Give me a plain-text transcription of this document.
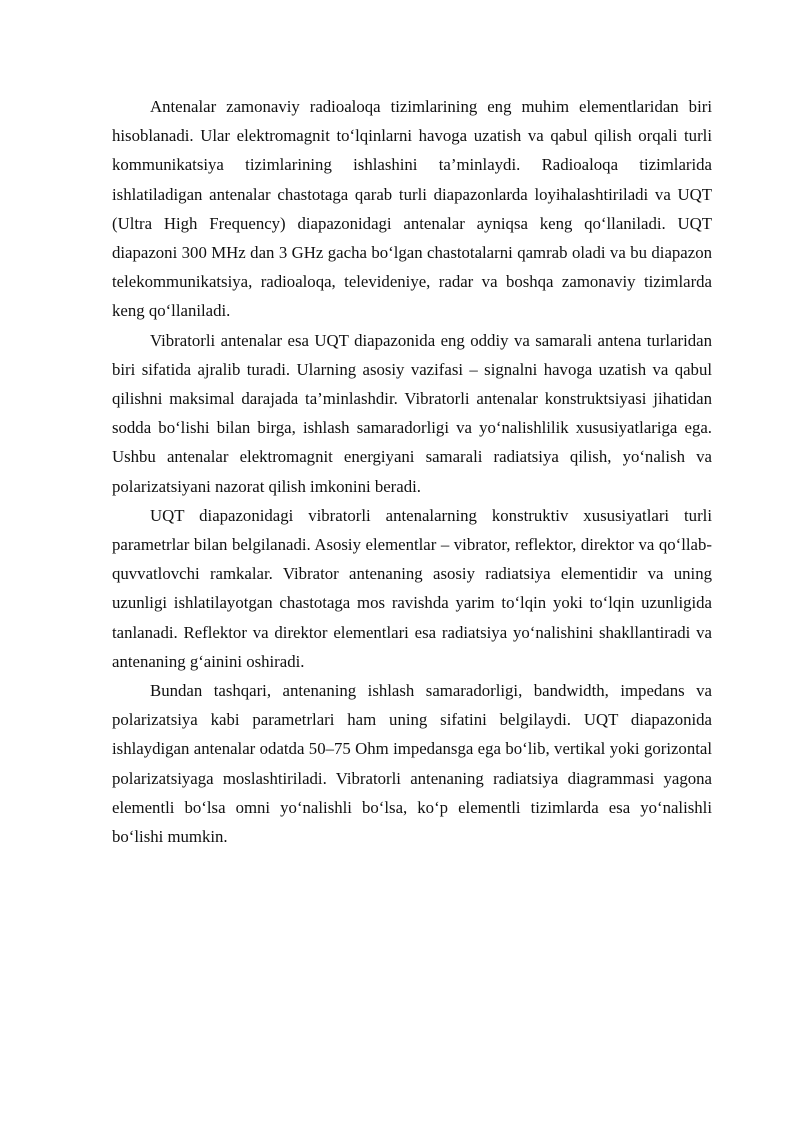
Antenalar zamonaviy radioaloqa tizimlarining eng muhim elementlaridan biri hisoblanadi. Ular elektromagnit to‘lqinlarni havoga uzatish va qabul qilish orqali turli kommunikatsiya tizimlarining ishlashini ta’minlaydi. Radioaloqa tizimlarida ishlatiladigan antenalar chastotaga qarab turli diapazonlarda loyihalashtiriladi va UQT (Ultra High Frequency) diapazonidagi antenalar ayniqsa keng qo‘llaniladi. UQT diapazoni 300 MHz dan 3 GHz gacha bo‘lgan chastotalarni qamrab oladi va bu diapazon telekommunikatsiya, radioaloqa, televideniye, radar va boshqa zamonaviy tizimlarda keng qo‘llaniladi.

Vibratorli antenalar esa UQT diapazonida eng oddiy va samarali antena turlaridan biri sifatida ajralib turadi. Ularning asosiy vazifasi – signalni havoga uzatish va qabul qilishni maksimal darajada ta’minlashdir. Vibratorli antenalar konstruktsiyasi jihatidan sodda bo‘lishi bilan birga, ishlash samaradorligi va yo‘nalishlilik xususiyatlariga ega. Ushbu antenalar elektromagnit energiyani samarali radiatsiya qilish, yo‘nalish va polarizatsiyani nazorat qilish imkonini beradi.

UQT diapazonidagi vibratorli antenalarning konstruktiv xususiyatlari turli parametrlar bilan belgilanadi. Asosiy elementlar – vibrator, reflektor, direktor va qo‘llab-quvvatlovchi ramkalar. Vibrator antenaning asosiy radiatsiya elementidir va uning uzunligi ishlatilayotgan chastotaga mos ravishda yarim to‘lqin yoki to‘lqin uzunligida tanlanadi. Reflektor va direktor elementlari esa radiatsiya yo‘nalishini shakllantiradi va antenaning g‘ainini oshiradi.

Bundan tashqari, antenaning ishlash samaradorligi, bandwidth, impedans va polarizatsiya kabi parametrlari ham uning sifatini belgilaydi. UQT diapazonida ishlaydigan antenalar odatda 50–75 Ohm impedansga ega bo‘lib, vertikal yoki gorizontal polarizatsiyaga moslashtiriladi. Vibratorli antenaning radiatsiya diagrammasi yagona elementli bo‘lsa omni yo‘nalishli bo‘lsa, ko‘p elementli tizimlarda esa yo‘nalishli bo‘lishi mumkin.
